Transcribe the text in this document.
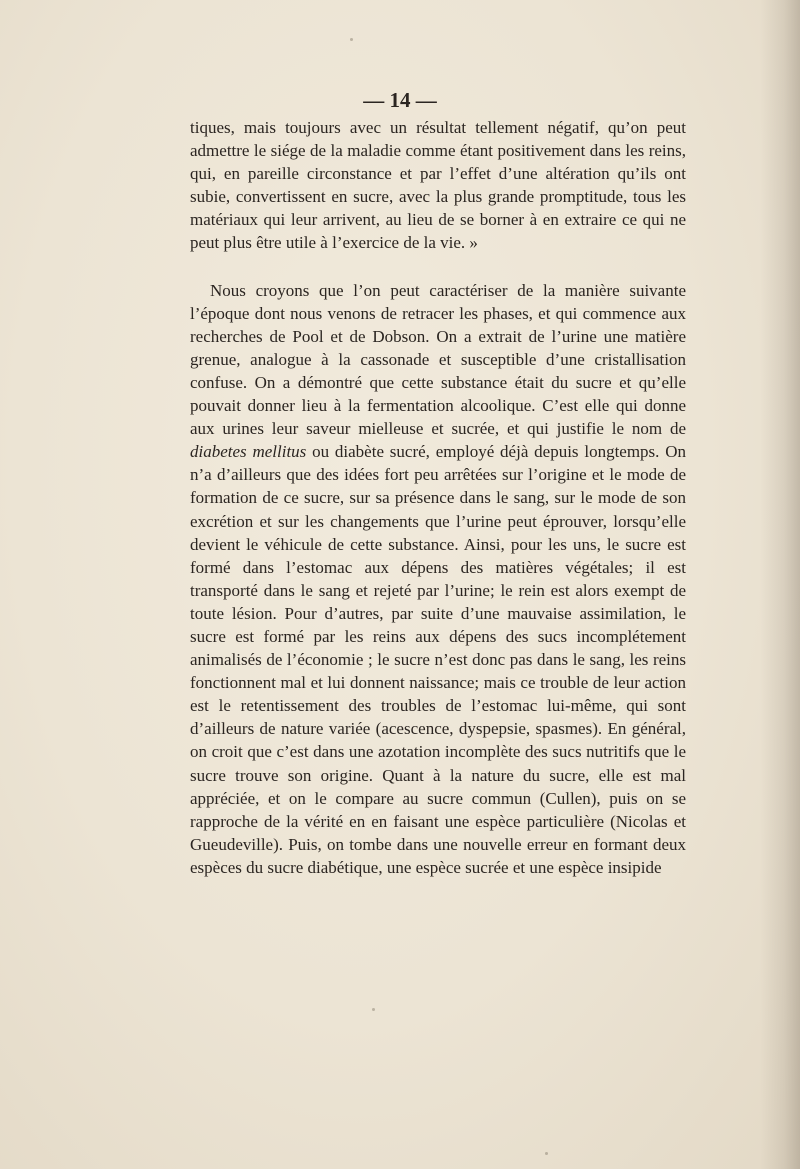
— 14 —

tiques, mais toujours avec un résultat tellement négatif, qu’on peut admettre le siége de la maladie comme étant positivement dans les reins, qui, en pareille circonstance et par l’effet d’une altération qu’ils ont subie, convertissent en sucre, avec la plus grande promptitude, tous les matériaux qui leur arrivent, au lieu de se borner à en extraire ce qui ne peut plus être utile à l’exercice de la vie. »

Nous croyons que l’on peut caractériser de la manière suivante l’époque dont nous venons de retracer les phases, et qui commence aux recherches de Pool et de Dobson. On a extrait de l’urine une matière grenue, analogue à la cassonade et susceptible d’une cristallisation confuse. On a démontré que cette substance était du sucre et qu’elle pouvait donner lieu à la fermentation alcoolique. C’est elle qui donne aux urines leur saveur mielleuse et sucrée, et qui justifie le nom de diabetes mellitus ou diabète sucré, employé déjà depuis longtemps. On n’a d’ailleurs que des idées fort peu arrêtées sur l’origine et le mode de formation de ce sucre, sur sa présence dans le sang, sur le mode de son excrétion et sur les changements que l’urine peut éprouver, lorsqu’elle devient le véhicule de cette substance. Ainsi, pour les uns, le sucre est formé dans l’estomac aux dépens des matières végétales; il est transporté dans le sang et rejeté par l’urine; le rein est alors exempt de toute lésion. Pour d’autres, par suite d’une mauvaise assimilation, le sucre est formé par les reins aux dépens des sucs incomplétement animalisés de l’économie ; le sucre n’est donc pas dans le sang, les reins fonctionnent mal et lui donnent naissance; mais ce trouble de leur action est le retentissement des troubles de l’estomac lui-même, qui sont d’ailleurs de nature variée (acescence, dyspepsie, spasmes). En général, on croit que c’est dans une azotation incomplète des sucs nutritifs que le sucre trouve son origine. Quant à la nature du sucre, elle est mal appréciée, et on le compare au sucre commun (Cullen), puis on se rapproche de la vérité en en faisant une espèce particulière (Nicolas et Gueudeville). Puis, on tombe dans une nouvelle erreur en formant deux espèces du sucre diabétique, une espèce sucrée et une espèce insipide
